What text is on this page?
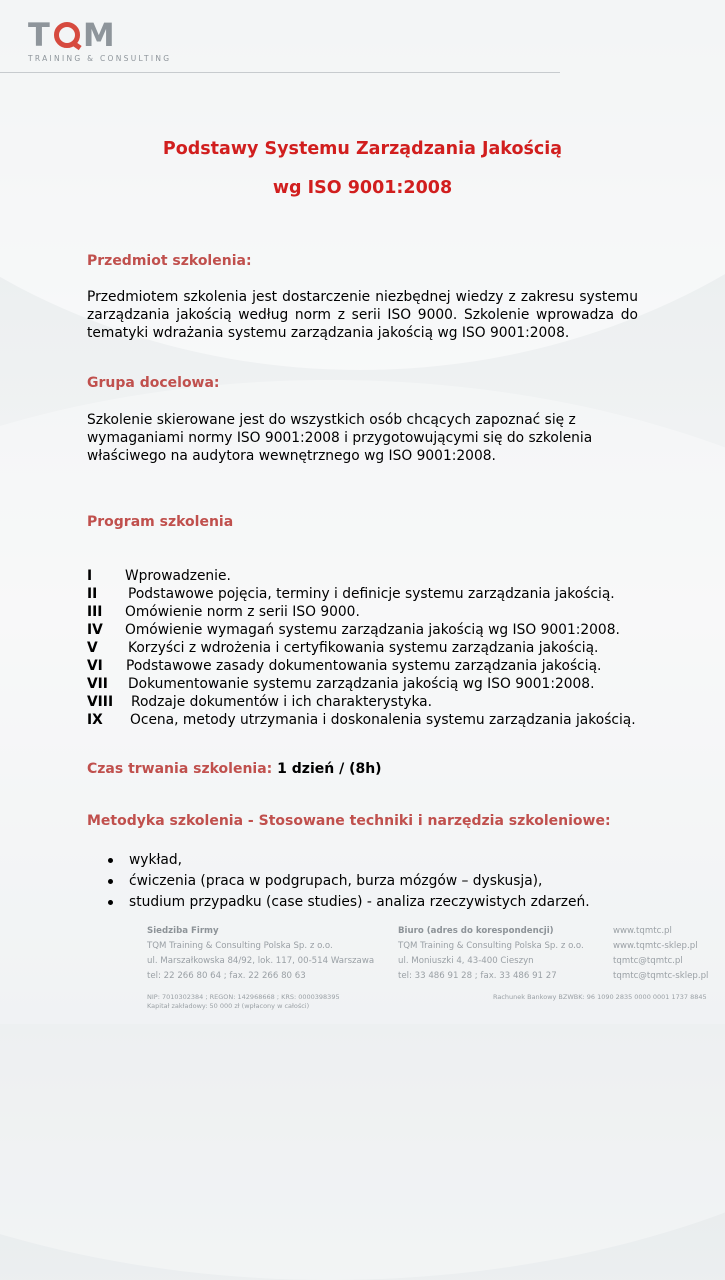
T M
TRAINING & CONSULTING
Podstawy Systemu Zarządzania Jakością
wg ISO 9001:2008
Przedmiot szkolenia:
Przedmiotem szkolenia jest dostarczenie niezbędnej wiedzy z zakresu systemu zarządzania jakością według norm z serii ISO 9000. Szkolenie wprowadza do tematyki wdrażania systemu zarządzania jakością wg ISO 9001:2008.
Grupa docelowa:
Szkolenie skierowane jest do wszystkich osób chcących zapoznać się z wymaganiami normy ISO 9001:2008 i przygotowującymi się do szkolenia właściwego na audytora wewnętrznego wg ISO 9001:2008.
Program szkolenia
I	Wprowadzenie.
II	Podstawowe pojęcia, terminy i definicje systemu zarządzania jakością.
III	Omówienie norm z serii ISO 9000.
IV	Omówienie wymagań systemu zarządzania jakością wg ISO 9001:2008.
V	Korzyści z wdrożenia i certyfikowania systemu zarządzania jakością.
VI	Podstawowe zasady dokumentowania systemu zarządzania jakością.
VII	Dokumentowanie systemu zarządzania jakością wg ISO 9001:2008.
VIII	Rodzaje dokumentów i ich charakterystyka.
IX	Ocena, metody utrzymania i doskonalenia systemu zarządzania jakością.
Czas trwania szkolenia: 1 dzień / (8h)
Metodyka szkolenia - Stosowane techniki i narzędzia szkoleniowe:
wykład,
ćwiczenia (praca w podgrupach, burza mózgów – dyskusja),
studium przypadku (case studies) - analiza rzeczywistych zdarzeń.
Siedziba Firmy
TQM Training & Consulting Polska Sp. z o.o.
ul. Marszałkowska 84/92, lok. 117, 00-514 Warszawa
tel: 22 266 80 64 ; fax. 22 266 80 63
Biuro (adres do korespondencji)
TQM Training & Consulting Polska Sp. z o.o.
ul. Moniuszki 4, 43-400 Cieszyn
tel: 33 486 91 28 ; fax. 33 486 91 27
www.tqmtc.pl
www.tqmtc-sklep.pl
tqmtc@tqmtc.pl
tqmtc@tqmtc-sklep.pl
NIP: 7010302384 ; REGON: 142968668 ; KRS: 0000398395
Kapitał zakładowy: 50 000 zł (wpłacony w całości)
Rachunek Bankowy BZWBK: 96 1090 2835 0000 0001 1737 8845
